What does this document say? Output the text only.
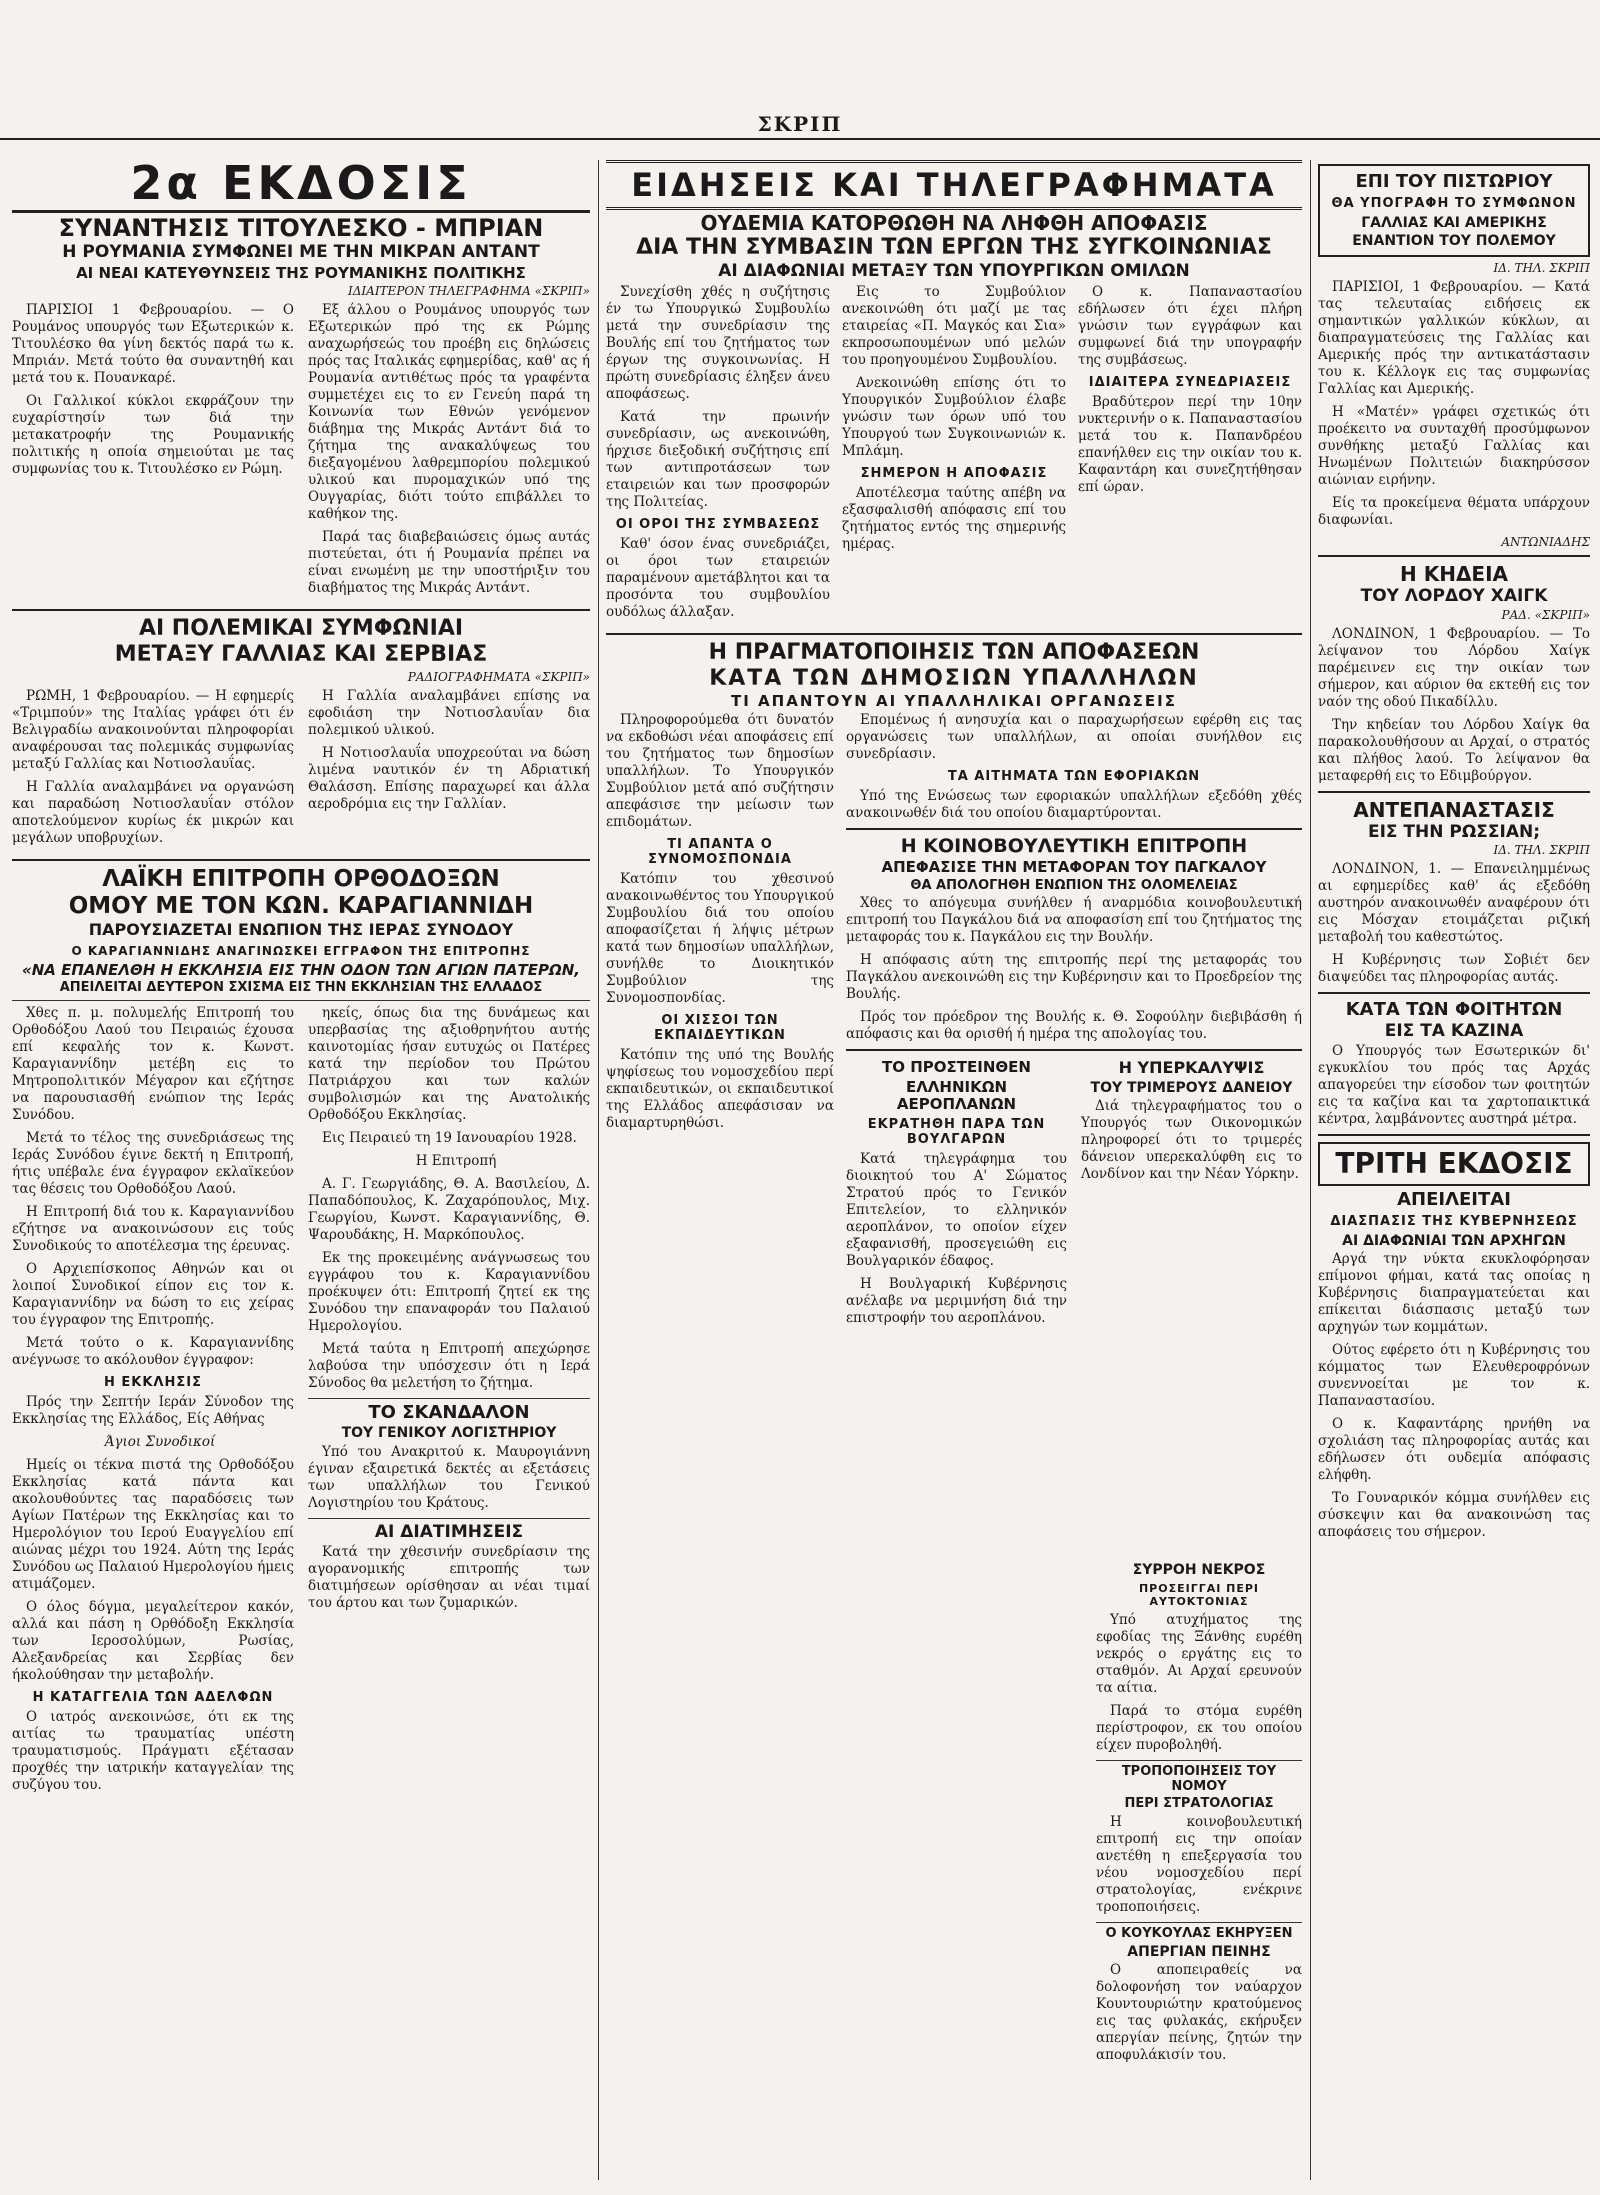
ΣΚΡΙΠ
2α ΕΚΔΟΣΙΣ
ΣΥΝΑΝΤΗΣΙΣ ΤΙΤΟΥΛΕΣΚΟ - ΜΠΡΙΑΝ
Η ΡΟΥΜΑΝΙΑ ΣΥΜΦΩΝΕΙ ΜΕ ΤΗΝ ΜΙΚΡΑΝ ΑΝΤΑΝΤ
ΑΙ ΝΕΑΙ ΚΑΤΕΥΘΥΝΣΕΙΣ ΤΗΣ ΡΟΥΜΑΝΙΚΗΣ ΠΟΛΙΤΙΚΗΣ
ΙΔΙΑΙΤΕΡΟΝ ΤΗΛΕΓΡΑΦΗΜΑ «ΣΚΡΙΠ»

ΠΑΡΙΣΙΟΙ 1 Φεβρουαρίου. — Ο Ρουμάνος υπουργός των Εξωτερικών κ. Τιτουλέσκο θα γίνη δεκτός παρά τω κ. Μπριάν. Μετά τούτο θα συναντηθή και μετά του κ. Πουανκαρέ.

Οι Γαλλικοί κύκλοι εκφράζουν την ευχαρίστησίν των διά την μετακατροφήν της Ρουμανικής πολιτικής η οποία σημειούται με τας συμφωνίας του κ. Τιτουλέσκο εν Ρώμη.

Εξ άλλου ο Ρουμάνος υπουργός των Εξωτερικών πρό της εκ Ρώμης αναχωρήσεώς του προέβη εις δηλώσεις πρός τας Ιταλικάς εφημερίδας, καθ' ας ή Ρουμανία αντιθέτως πρός τα γραφέντα συμμετέχει εις το εν Γενεύη παρά τη Κοινωνία των Εθνών γενόμενον διάβημα της Μικράς Αντάντ διά το ζήτημα της ανακαλύψεως του διεξαγομένου λαθρεμπορίου πολεμικού υλικού και πυρομαχικών υπό της Ουγγαρίας, διότι τούτο επιβάλλει το καθήκον της.

Παρά τας διαβεβαιώσεις όμως αυτάς πιστεύεται, ότι ή Ρουμανία πρέπει να είναι ενωμένη με την υποστήριξιν του διαβήματος της Μικράς Αντάντ.

ΑΙ ΠΟΛΕΜΙΚΑΙ ΣΥΜΦΩΝΙΑΙ
ΜΕΤΑΞΥ ΓΑΛΛΙΑΣ ΚΑΙ ΣΕΡΒΙΑΣ
ΡΑΔΙΟΓΡΑΦΗΜΑΤΑ «ΣΚΡΙΠ»

ΡΩΜΗ, 1 Φεβρουαρίου. — Η εφημερίς «Τριμπούν» της Ιταλίας γράφει ότι έν Βελιγραδίω ανακοινούνται πληροφορίαι αναφέρουσαι τας πολεμικάς συμφωνίας μεταξύ Γαλλίας και Νοτιοσλαυΐας.

Η Γαλλία αναλαμβάνει να οργανώση και παραδώση Νοτιοσλαυΐαν στόλον αποτελούμενον κυρίως έκ μικρών και μεγάλων υποβρυχίων.

Η Γαλλία αναλαμβάνει επίσης να εφοδιάση την Νοτιοσλαυΐαν δια πολεμικού υλικού.

Η Νοτιοσλαυΐα υποχρεούται να δώση λιμένα ναυτικόν έν τη Αδριατική Θαλάσση. Επίσης παραχωρεί και άλλα αεροδρόμια εις την Γαλλίαν.

ΛΑΪΚΗ ΕΠΙΤΡΟΠΗ ΟΡΘΟΔΟΞΩΝ
ΟΜΟΥ ΜΕ ΤΟΝ ΚΩΝ. ΚΑΡΑΓΙΑΝΝΙΔΗ
ΠΑΡΟΥΣΙΑΖΕΤΑΙ ΕΝΩΠΙΟΝ ΤΗΣ ΙΕΡΑΣ ΣΥΝΟΔΟΥ
Ο ΚΑΡΑΓΙΑΝΝΙΔΗΣ ΑΝΑΓΙΝΩΣΚΕΙ ΕΓΓΡΑΦΟΝ ΤΗΣ ΕΠΙΤΡΟΠΗΣ
«ΝΑ ΕΠΑΝΕΛΘΗ Η ΕΚΚΛΗΣΙΑ ΕΙΣ ΤΗΝ ΟΔΟΝ ΤΩΝ ΑΓΙΩΝ ΠΑΤΕΡΩΝ,
ΑΠΕΙΛΕΙΤΑΙ ΔΕΥΤΕΡΟΝ ΣΧΙΣΜΑ ΕΙΣ ΤΗΝ ΕΚΚΛΗΣΙΑΝ ΤΗΣ ΕΛΛΑΔΟΣ

Χθες π. μ. πολυμελής Επιτροπή του Ορθοδόξου Λαού του Πειραιώς έχουσα επί κεφαλής τον κ. Κωνστ. Καραγιαννίδην μετέβη εις το Μητροπολιτικόν Μέγαρον και εζήτησε να παρουσιασθή ενώπιον της Ιεράς Συνόδου.

Μετά το τέλος της συνεδριάσεως της Ιεράς Συνόδου έγινε δεκτή η Επιτροπή, ήτις υπέβαλε ένα έγγραφον εκλαϊκεύον τας θέσεις του Ορθοδόξου Λαού.

Η Επιτροπή διά του κ. Καραγιαννίδου εζήτησε να ανακοινώσουν εις τούς Συνοδικούς το αποτέλεσμα της έρευνας.

Ο Αρχιεπίσκοπος Αθηνών και οι λοιποί Συνοδικοί είπον εις τον κ. Καραγιαννίδην να δώση το εις χείρας του έγγραφον της Επιτροπής.

Μετά τούτο ο κ. Καραγιαννίδης ανέγνωσε το ακόλουθον έγγραφον:

Η ΕΚΚΛΗΣΙΣ

Πρός την Σεπτήν Ιεράν Σύνοδον της Εκκλησίας της Ελλάδος, Είς Αθήνας

Άγιοι Συνοδικοί

Ημείς οι τέκνα πιστά της Ορθοδόξου Εκκλησίας κατά πάντα και ακολουθούντες τας παραδόσεις των Αγίων Πατέρων της Εκκλησίας και το Ημερολόγιον του Ιερού Ευαγγελίου επί αιώνας μέχρι του 1924. Αύτη της Ιεράς Συνόδου ως Παλαιού Ημερολογίου ήμεις ατιμάζομεν.

Ο όλος δόγμα, μεγαλείτερον κακόν, αλλά και πάση η Ορθόδοξη Εκκλησία των Ιεροσολύμων, Ρωσίας, Αλεξανδρείας και Σερβίας δεν ήκολούθησαν την μεταβολήν.

Η ΚΑΤΑΓΓΕΛΙΑ ΤΩΝ ΑΔΕΛΦΩΝ

Ο ιατρός ανεκοινώσε, ότι εκ της αιτίας τω τραυματίας υπέστη τραυματισμούς. Πράγματι εξέτασαν προχθές την ιατρικήν καταγγελίαν της συζύγου του.

ηκείς, όπως δια της δυνάμεως και υπερβασίας της αξιοθρηνήτου αυτής καινοτομίας ήσαν ευτυχώς οι Πατέρες κατά την περίοδον του Πρώτου Πατριάρχου και των καλών συμβολισμών και της Ανατολικής Ορθοδόξου Εκκλησίας.

Εις Πειραιεύ τη 19 Ιανουαρίου 1928.

Η Επιτροπή

Α. Γ. Γεωργιάδης, Θ. Α. Βασιλείου, Δ. Παπαδόπουλος, Κ. Ζαχαρόπουλος, Μιχ. Γεωργίου, Κωνστ. Καραγιαννίδης, Θ. Ψαρουδάκης, Η. Μαρκόπουλος.

Εκ της προκειμένης ανάγνωσεως του εγγράφου του κ. Καραγιαννίδου προέκυψεν ότι: Επιτροπή ζητεί εκ της Συνόδου την επαναφοράν του Παλαιού Ημερολογίου.

Μετά ταύτα η Επιτροπή απεχώρησε λαβούσα την υπόσχεσιν ότι η Ιερά Σύνοδος θα μελετήση το ζήτημα.

ΤΟ ΣΚΑΝΔΑΛΟΝ
ΤΟΥ ΓΕΝΙΚΟΥ ΛΟΓΙΣΤΗΡΙΟΥ

Υπό του Ανακριτού κ. Μαυρογιάννη έγιναν εξαιρετικά δεκτές αι εξετάσεις των υπαλλήλων του Γενικού Λογιστηρίου του Κράτους.

ΑΙ ΔΙΑΤΙΜΗΣΕΙΣ

Κατά την χθεσινήν συνεδρίασιν της αγορανομικής επιτροπής των διατιμήσεων ορίσθησαν αι νέαι τιμαί του άρτου και των ζυμαρικών.

ΕΙΔΗΣΕΙΣ ΚΑΙ ΤΗΛΕΓΡΑΦΗΜΑΤΑ
ΟΥΔΕΜΙΑ ΚΑΤΟΡΘΩΘΗ ΝΑ ΛΗΦΘΗ ΑΠΟΦΑΣΙΣ
ΔΙΑ ΤΗΝ ΣΥΜΒΑΣΙΝ ΤΩΝ ΕΡΓΩΝ ΤΗΣ ΣΥΓΚΟΙΝΩΝΙΑΣ
ΑΙ ΔΙΑΦΩΝΙΑΙ ΜΕΤΑΞΥ ΤΩΝ ΥΠΟΥΡΓΙΚΩΝ ΟΜΙΛΩΝ

Συνεχίσθη χθές η συζήτησις έν τω Υπουργικώ Συμβουλίω μετά την συνεδρίασιν της Βουλής επί του ζητήματος των έργων της συγκοινωνίας. Η πρώτη συνεδρίασις έληξεν άνευ αποφάσεως.

Κατά την πρωινήν συνεδρίασιν, ως ανεκοινώθη, ήρχισε διεξοδική συζήτησις επί των αντιπροτάσεων των εταιρειών και των προσφορών της Πολιτείας.

ΟΙ ΟΡΟΙ ΤΗΣ ΣΥΜΒΑΣΕΩΣ

Καθ' όσον ένας συνεδριάζει, οι όροι των εταιρειών παραμένουν αμετάβλητοι και τα προσόντα του συμβουλίου ουδόλως άλλαξαν.

Εις το Συμβούλιον ανεκοινώθη ότι μαζί με τας εταιρείας «Π. Μαγκός και Σια» εκπροσωπουμένων υπό μελών του προηγουμένου Συμβουλίου.

Ανεκοινώθη επίσης ότι το Υπουργικόν Συμβούλιον έλαβε γνώσιν των όρων υπό του Υπουργού των Συγκοινωνιών κ. Μπλάμη.

ΣΗΜΕΡΟΝ Η ΑΠΟΦΑΣΙΣ

Αποτέλεσμα ταύτης απέβη να εξασφαλισθή απόφασις επί του ζητήματος εντός της σημερινής ημέρας.

Ο κ. Παπαναστασίου εδήλωσεν ότι έχει πλήρη γνώσιν των εγγράφων και συμφωνεί διά την υπογραφήν της συμβάσεως.

ΙΔΙΑΙΤΕΡΑ ΣΥΝΕΔΡΙΑΣΕΙΣ

Βραδύτερον περί την 10ην νυκτερινήν ο κ. Παπαναστασίου μετά του κ. Παπανδρέου επανήλθεν εις την οικίαν του κ. Καφαντάρη και συνεζητήθησαν επί ώραν.

Η ΠΡΑΓΜΑΤΟΠΟΙΗΣΙΣ ΤΩΝ ΑΠΟΦΑΣΕΩΝ
ΚΑΤΑ ΤΩΝ ΔΗΜΟΣΙΩΝ ΥΠΑΛΛΗΛΩΝ
ΤΙ ΑΠΑΝΤΟΥΝ ΑΙ ΥΠΑΛΛΗΛΙΚΑΙ ΟΡΓΑΝΩΣΕΙΣ

Πληροφορούμεθα ότι δυνατόν να εκδοθώσι νέαι αποφάσεις επί του ζητήματος των δημοσίων υπαλλήλων. Το Υπουργικόν Συμβούλιον μετά από συζήτησιν απεφάσισε την μείωσιν των επιδομάτων.

ΤΙ ΑΠΑΝΤΑ Ο ΣΥΝΟΜΟΣΠΟΝΔΙΑ

Κατόπιν του χθεσινού ανακοινωθέντος του Υπουργικού Συμβουλίου διά του οποίου αποφασίζεται ή λήψις μέτρων κατά των δημοσίων υπαλλήλων, συνήλθε το Διοικητικόν Συμβούλιον της Συνομοσπονδίας.

ΟΙ ΧΙΣΣΟΙ ΤΩΝ ΕΚΠΑΙΔΕΥΤΙΚΩΝ

Κατόπιν της υπό της Βουλής ψηφίσεως του νομοσχεδίου περί εκπαιδευτικών, οι εκπαιδευτικοί της Ελλάδος απεφάσισαν να διαμαρτυρηθώσι.

Επομένως ή ανησυχία και ο παραχωρήσεων εφέρθη εις τας οργανώσεις των υπαλλήλων, αι οποίαι συνήλθον εις συνεδρίασιν.

ΤΑ ΑΙΤΗΜΑΤΑ ΤΩΝ ΕΦΟΡΙΑΚΩΝ

Υπό της Ενώσεως των εφοριακών υπαλλήλων εξεδόθη χθές ανακοινωθέν διά του οποίου διαμαρτύρονται.

Η ΚΟΙΝΟΒΟΥΛΕΥΤΙΚΗ ΕΠΙΤΡΟΠΗ
ΑΠΕΦΑΣΙΣΕ ΤΗΝ ΜΕΤΑΦΟΡΑΝ ΤΟΥ ΠΑΓΚΑΛΟΥ
ΘΑ ΑΠΟΛΟΓΗΘΗ ΕΝΩΠΙΟΝ ΤΗΣ ΟΛΟΜΕΛΕΙΑΣ

Χθες το απόγευμα συνήλθεν ή αναρμόδια κοινοβουλευτική επιτροπή του Παγκάλου διά να αποφασίση επί του ζητήματος της μεταφοράς του κ. Παγκάλου εις την Βουλήν.

Η απόφασις αύτη της επιτροπής περί της μεταφοράς του Παγκάλου ανεκοινώθη εις την Κυβέρνησιν και το Προεδρείον της Βουλής.

Πρός τον πρόεδρον της Βουλής κ. Θ. Σοφούλην διεβιβάσθη ή απόφασις και θα ορισθή ή ημέρα της απολογίας του.

ΤΟ ΠΡΟΣΤΕΙΝΘΕΝ
ΕΛΛΗΝΙΚΩΝ ΑΕΡΟΠΛΑΝΩΝ
ΕΚΡΑΤΗΘΗ ΠΑΡΑ ΤΩΝ ΒΟΥΛΓΑΡΩΝ

Κατά τηλεγράφημα του διοικητού του Α' Σώματος Στρατού πρός το Γενικόν Επιτελείον, το ελληνικόν αεροπλάνον, το οποίον είχεν εξαφανισθή, προσεγειώθη εις Βουλγαρικόν έδαφος.

Η Βουλγαρική Κυβέρνησις ανέλαβε να μεριμνήση διά την επιστροφήν του αεροπλάνου.

Η ΥΠΕΡΚΑΛΥΨΙΣ
ΤΟΥ ΤΡΙΜΕΡΟΥΣ ΔΑΝΕΙΟΥ

Διά τηλεγραφήματος του ο Υπουργός των Οικονομικών πληροφορεί ότι το τριμερές δάνειον υπερεκαλύφθη εις το Λονδίνον και την Νέαν Υόρκην.

ΕΠΙ ΤΟΥ ΠΙΣΤΩΡΙΟΥ
ΘΑ ΥΠΟΓΡΑΦΗ ΤΟ ΣΥΜΦΩΝΟΝ
ΓΑΛΛΙΑΣ ΚΑΙ ΑΜΕΡΙΚΗΣ
ΕΝΑΝΤΙΟΝ ΤΟΥ ΠΟΛΕΜΟΥ
ΙΔ. ΤΗΛ. ΣΚΡΙΠ

ΠΑΡΙΣΙΟΙ, 1 Φεβρουαρίου. — Κατά τας τελευταίας ειδήσεις εκ σημαντικών γαλλικών κύκλων, αι διαπραγματεύσεις της Γαλλίας και Αμερικής πρός την αντικατάστασιν του κ. Κέλλογκ εις τας συμφωνίας Γαλλίας και Αμερικής.

Η «Ματέν» γράφει σχετικώς ότι προέκειτο να συνταχθή προσύμφωνον συνθήκης μεταξύ Γαλλίας και Ηνωμένων Πολιτειών διακηρύσσον αιώνιαν ειρήνην.

Είς τα προκείμενα θέματα υπάρχουν διαφωνίαι.

ΑΝΤΩΝΙΑΔΗΣ
Η ΚΗΔΕΙΑ
ΤΟΥ ΛΟΡΔΟΥ ΧΑΙΓΚ
ΡΑΔ. «ΣΚΡΙΠ»

ΛΟΝΔΙΝΟΝ, 1 Φεβρουαρίου. — Το λείψανον του Λόρδου Χαίγκ παρέμεινεν εις την οικίαν των σήμερον, και αύριον θα εκτεθή εις τον ναόν της οδού Πικαδίλλυ.

Την κηδείαν του Λόρδου Χαίγκ θα παρακολουθήσουν αι Αρχαί, ο στρατός και πλήθος λαού. Το λείψανον θα μεταφερθή εις το Εδιμβούργον.

ΑΝΤΕΠΑΝΑΣΤΑΣΙΣ
ΕΙΣ ΤΗΝ ΡΩΣΣΙΑΝ;
ΙΔ. ΤΗΛ. ΣΚΡΙΠ

ΛΟΝΔΙΝΟΝ, 1. — Επανειλημμένως αι εφημερίδες καθ' άς εξεδόθη αυστηρόν ανακοινωθέν αναφέρουν ότι εις Μόσχαν ετοιμάζεται ριζική μεταβολή του καθεστώτος.

Η Κυβέρνησις των Σοβιέτ δεν διαψεύδει τας πληροφορίας αυτάς.

ΚΑΤΑ ΤΩΝ ΦΟΙΤΗΤΩΝ
ΕΙΣ ΤΑ ΚΑΖΙΝΑ

Ο Υπουργός των Εσωτερικών δι' εγκυκλίου του πρός τας Αρχάς απαγορεύει την είσοδον των φοιτητών εις τα καζίνα και τα χαρτοπαικτικά κέντρα, λαμβάνοντες αυστηρά μέτρα.

ΤΡΙΤΗ ΕΚΔΟΣΙΣ
ΑΠΕΙΛΕΙΤΑΙ
ΔΙΑΣΠΑΣΙΣ ΤΗΣ ΚΥΒΕΡΝΗΣΕΩΣ
ΑΙ ΔΙΑΦΩΝΙΑΙ ΤΩΝ ΑΡΧΗΓΩΝ

Αργά την νύκτα εκυκλοφόρησαν επίμονοι φήμαι, κατά τας οποίας η Κυβέρνησις διαπραγματεύεται και επίκειται διάσπασις μεταξύ των αρχηγών των κομμάτων.

Ούτος εφέρετο ότι η Κυβέρνησις του κόμματος των Ελευθεροφρόνων συνεννοείται με τον κ. Παπαναστασίου.

Ο κ. Καφαντάρης ηρνήθη να σχολιάση τας πληροφορίας αυτάς και εδήλωσεν ότι ουδεμία απόφασις ελήφθη.

Το Γουναρικόν κόμμα συνήλθεν εις σύσκεψιν και θα ανακοινώση τας αποφάσεις του σήμερον.

ΣΥΡΡΟΗ ΝΕΚΡΟΣ
ΠΡΟΣΕΙΓΓΑΙ ΠΕΡΙ ΑΥΤΟΚΤΟΝΙΑΣ

Υπό ατυχήματος της εφοδίας της Ξάνθης ευρέθη νεκρός ο εργάτης εις το σταθμόν. Αι Αρχαί ερευνούν τα αίτια.

Παρά το στόμα ευρέθη περίστροφον, εκ του οποίου είχεν πυροβοληθή.

ΤΡΟΠΟΠΟΙΗΣΕΙΣ ΤΟΥ ΝΟΜΟΥ
ΠΕΡΙ ΣΤΡΑΤΟΛΟΓΙΑΣ

Η κοινοβουλευτική επιτροπή εις την οποίαν ανετέθη η επεξεργασία του νέου νομοσχεδίου περί στρατολογίας, ενέκρινε τροποποιήσεις.

Ο ΚΟΥΚΟΥΛΑΣ ΕΚΗΡΥΞΕΝ
ΑΠΕΡΓΙΑΝ ΠΕΙΝΗΣ

Ο αποπειραθείς να δολοφονήση τον ναύαρχον Κουντουριώτην κρατούμενος εις τας φυλακάς, εκήρυξεν απεργίαν πείνης, ζητών την αποφυλάκισίν του.
